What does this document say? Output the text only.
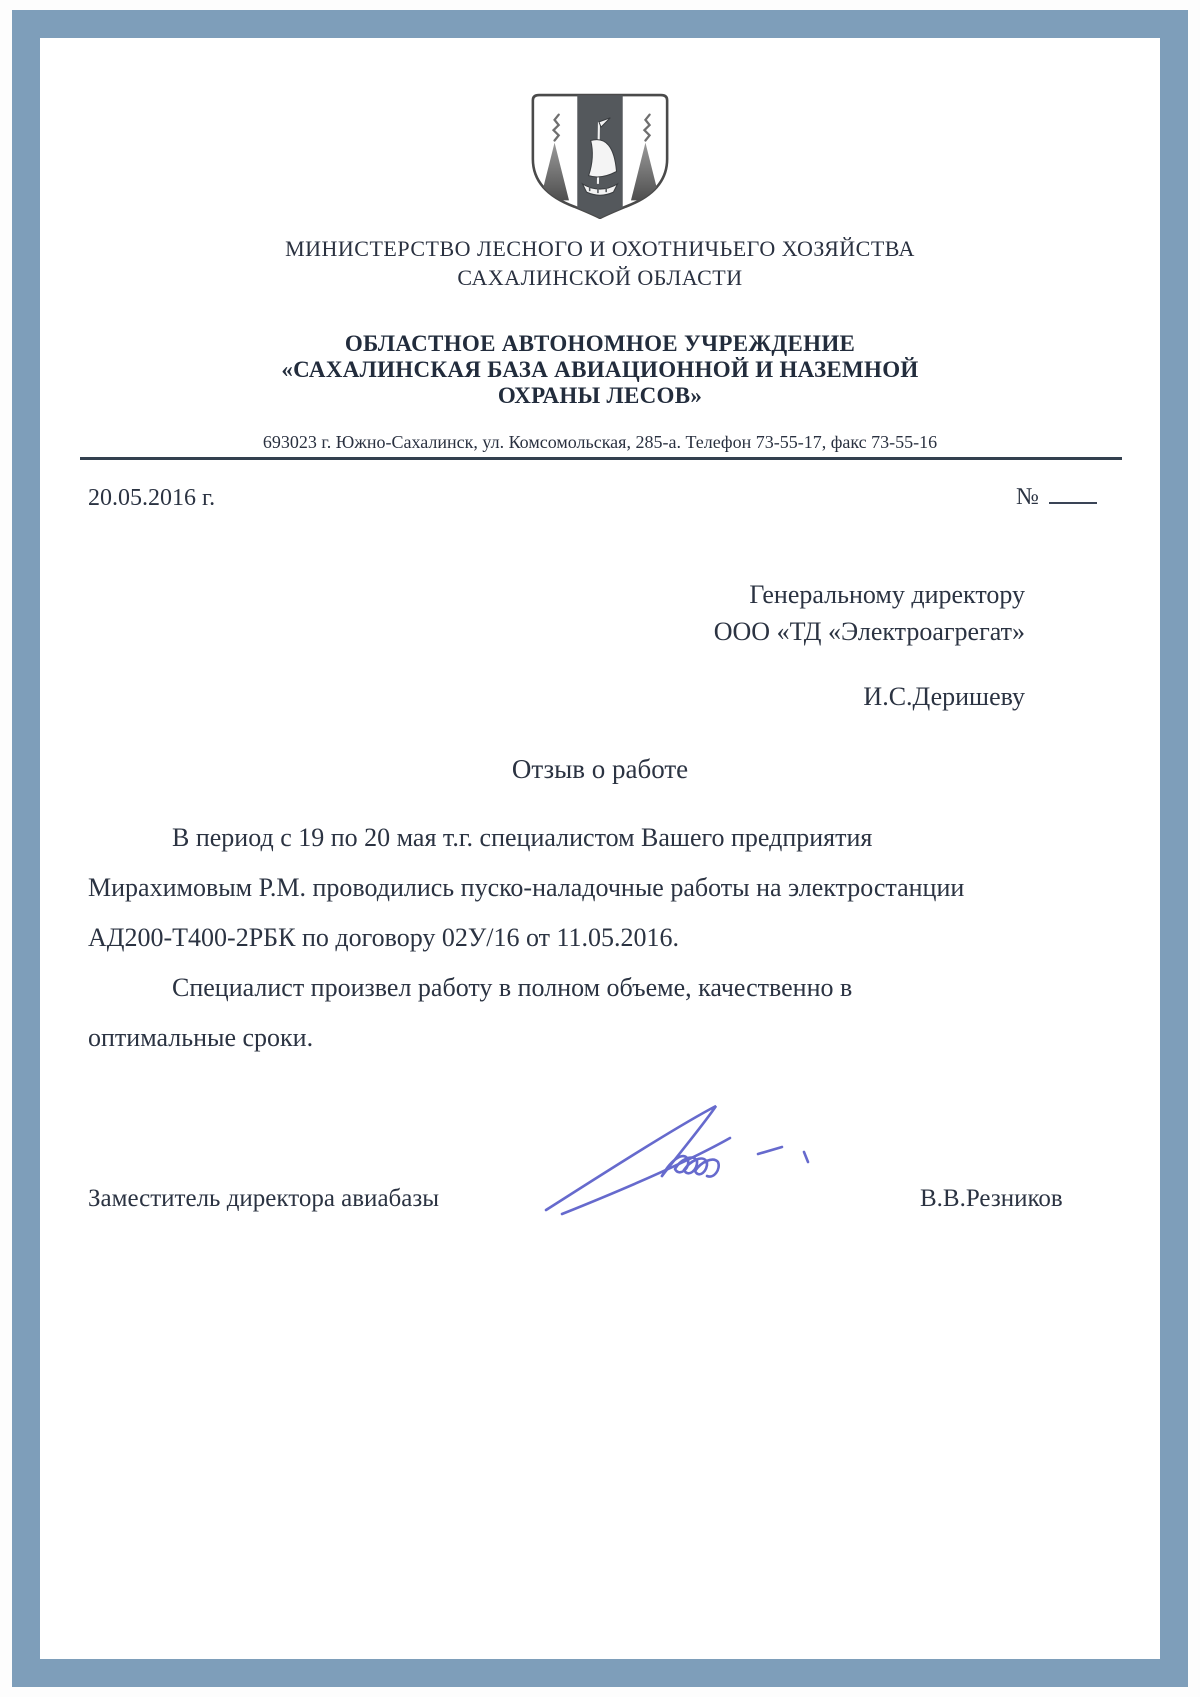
МИНИСТЕРСТВО ЛЕСНОГО И ОХОТНИЧЬЕГО ХОЗЯЙСТВА
САХАЛИНСКОЙ ОБЛАСТИ
ОБЛАСТНОЕ АВТОНОМНОЕ УЧРЕЖДЕНИЕ
«САХАЛИНСКАЯ БАЗА АВИАЦИОННОЙ И НАЗЕМНОЙ
ОХРАНЫ ЛЕСОВ»
693023 г. Южно-Сахалинск, ул. Комсомольская, 285-а. Телефон 73-55-17, факс 73-55-16
20.05.2016 г.	№
Генеральному директору
ООО «ТД «Электроагрегат»
И.С.Деришеву
Отзыв о работе
В период с 19 по 20 мая т.г. специалистом Вашего предприятия
Мирахимовым Р.М. проводились пуско-наладочные работы на электростанции
АД200-Т400-2РБК по договору 02У/16 от 11.05.2016.
Специалист произвел работу в полном объеме, качественно в
оптимальные сроки.
Заместитель директора авиабазы	В.В.Резников
